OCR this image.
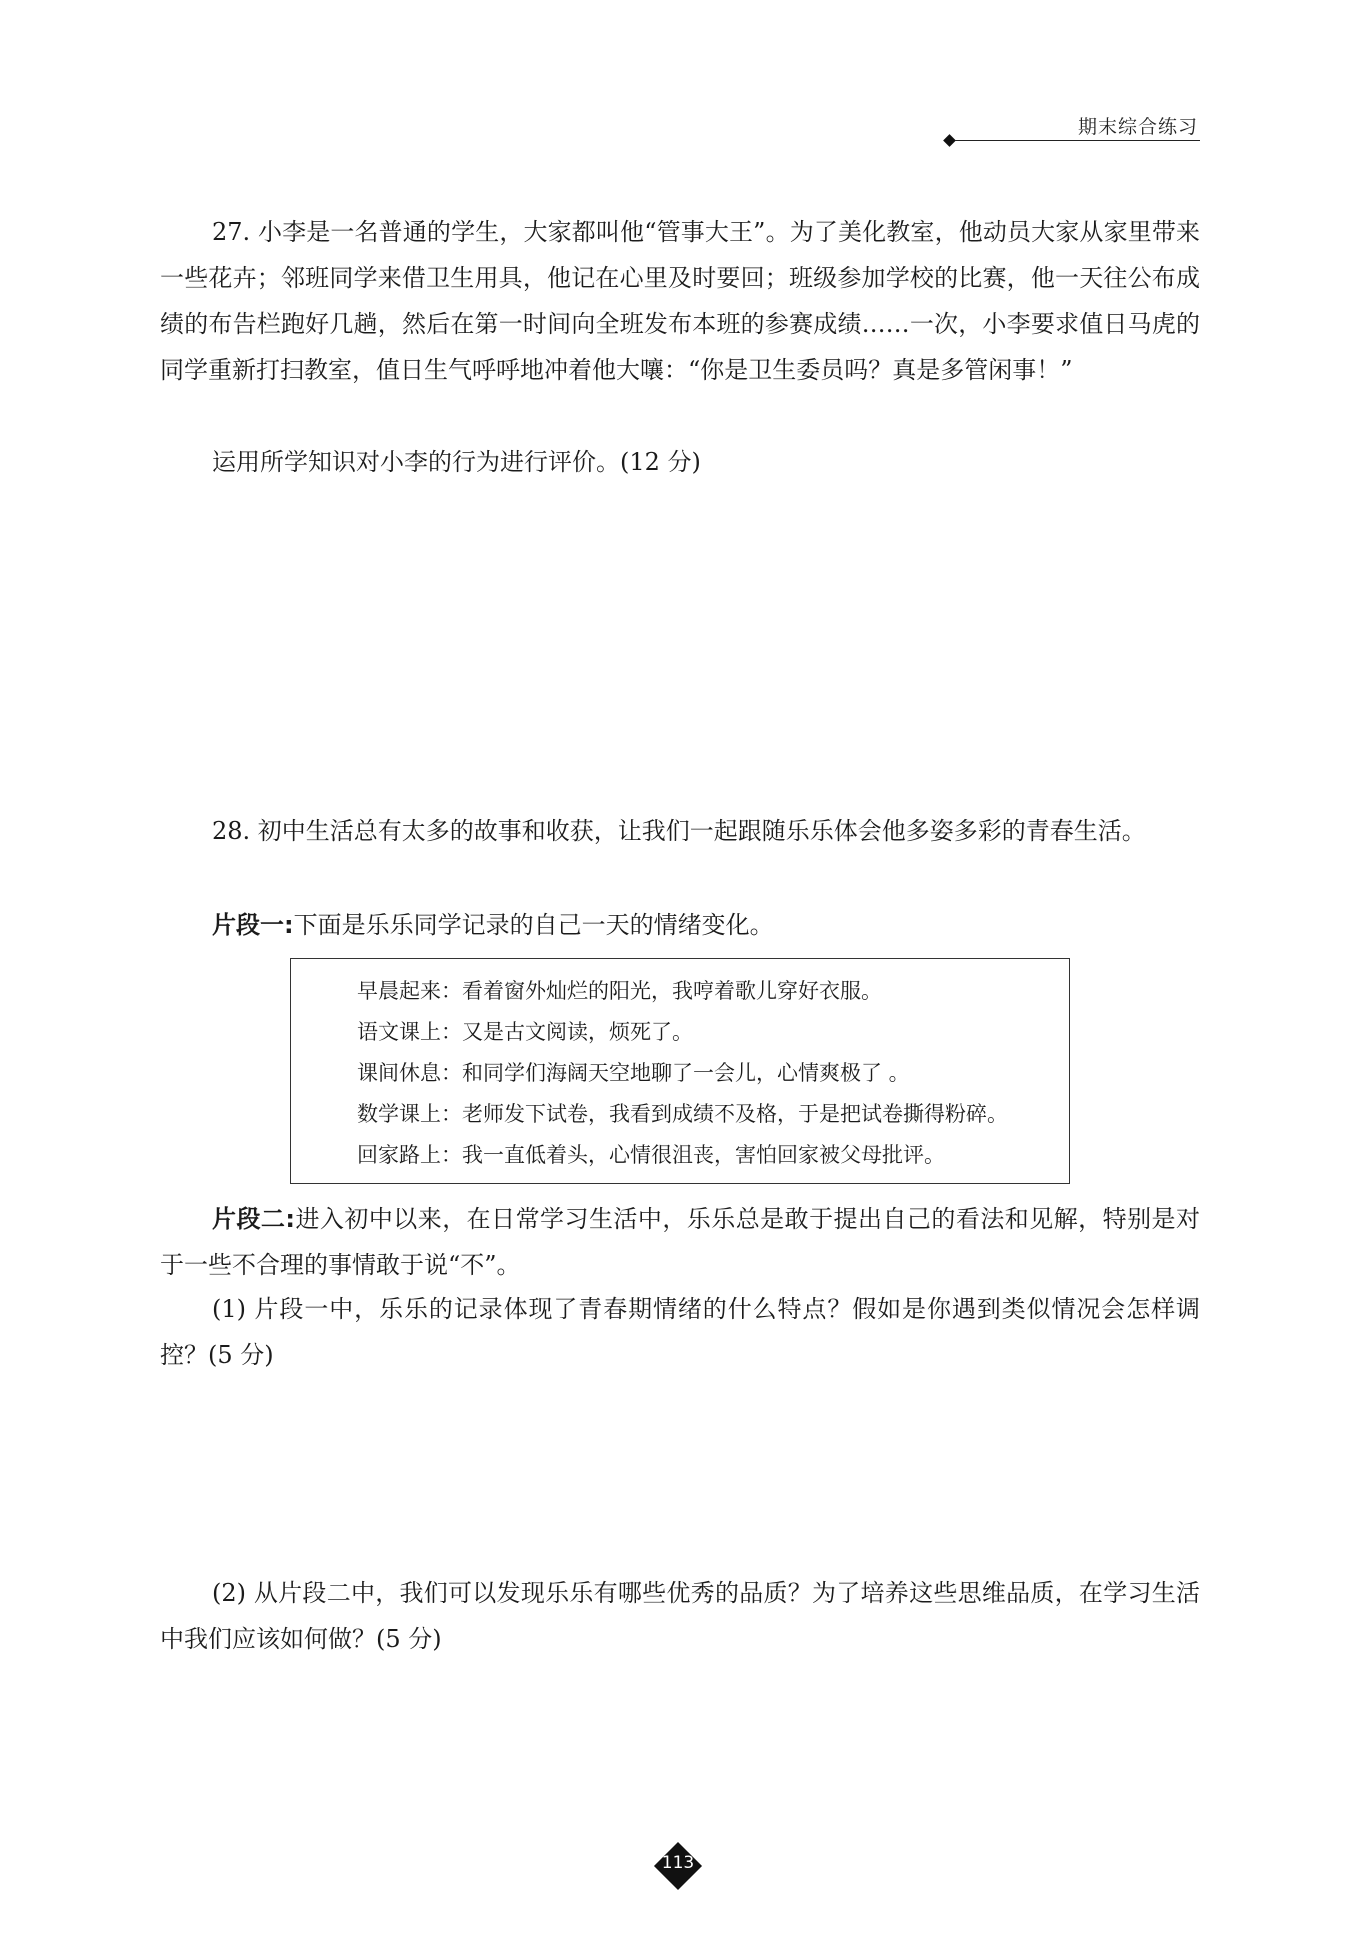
期末综合练习

27. 小李是一名普通的学生，大家都叫他“管事大王”。为了美化教室，他动员大家从家里带来一些花卉；邻班同学来借卫生用具，他记在心里及时要回；班级参加学校的比赛，他一天往公布成绩的布告栏跑好几趟，然后在第一时间向全班发布本班的参赛成绩……一次，小李要求值日马虎的同学重新打扫教室，值日生气呼呼地冲着他大嚷：“你是卫生委员吗？真是多管闲事！”

运用所学知识对小李的行为进行评价。(12 分)

28. 初中生活总有太多的故事和收获，让我们一起跟随乐乐体会他多姿多彩的青春生活。

片段一:下面是乐乐同学记录的自己一天的情绪变化。

早晨起来：看着窗外灿烂的阳光，我哼着歌儿穿好衣服。
语文课上：又是古文阅读，烦死了。
课间休息：和同学们海阔天空地聊了一会儿，心情爽极了 。
数学课上：老师发下试卷，我看到成绩不及格，于是把试卷撕得粉碎。
回家路上：我一直低着头，心情很沮丧，害怕回家被父母批评。

片段二:进入初中以来，在日常学习生活中，乐乐总是敢于提出自己的看法和见解，特别是对于一些不合理的事情敢于说“不”。

(1) 片段一中，乐乐的记录体现了青春期情绪的什么特点？假如是你遇到类似情况会怎样调控？(5 分)

(2) 从片段二中，我们可以发现乐乐有哪些优秀的品质？为了培养这些思维品质，在学习生活中我们应该如何做？(5 分)

113
